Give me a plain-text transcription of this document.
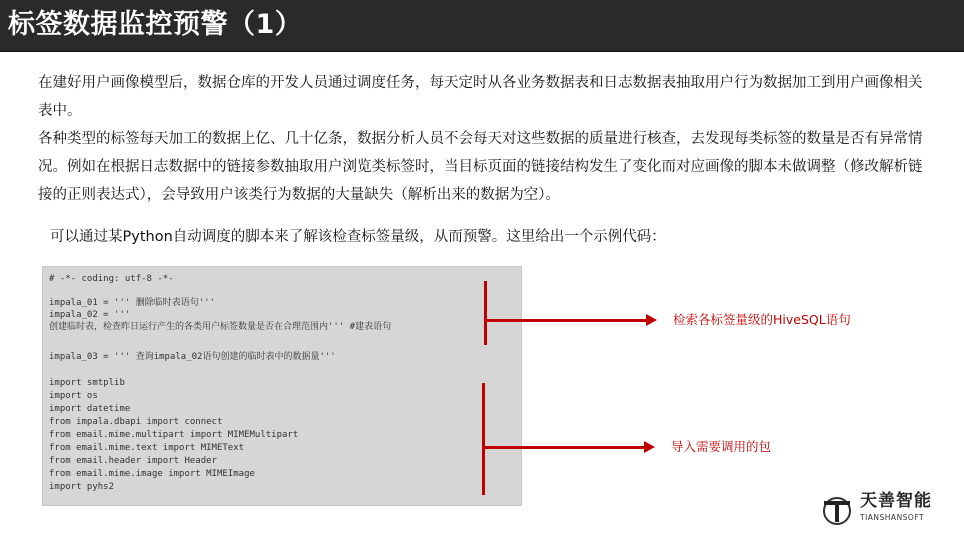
标签数据监控预警（1）

在建好用户画像模型后，数据仓库的开发人员通过调度任务，每天定时从各业务数据表和日志数据表抽取用户行为数据加工到用户画像相关表中。

各种类型的标签每天加工的数据上亿、几十亿条，数据分析人员不会每天对这些数据的质量进行核查，去发现每类标签的数量是否有异常情况。例如在根据日志数据中的链接参数抽取用户浏览类标签时，当目标页面的链接结构发生了变化而对应画像的脚本未做调整（修改解析链接的正则表达式），会导致用户该类行为数据的大量缺失（解析出来的数据为空）。

可以通过某Python自动调度的脚本来了解该检查标签量级，从而预警。这里给出一个示例代码：
# -*- coding: utf-8 -*-
impala_01 = ''' 删除临时表语句'''
impala_02 = '''
创建临时表，检查昨日运行产生的各类用户标签数量是否在合理范围内''' #建表语句
impala_03 = ''' 查询impala_02语句创建的临时表中的数据量'''
import smtplib
import os
import datetime
from impala.dbapi import connect
from email.mime.multipart import MIMEMultipart
from email.mime.text import MIMEText
from email.header import Header
from email.mime.image import MIMEImage
import pyhs2
检索各标签量级的HiveSQL语句
导入需要调用的包
天善智能
TIANSHANSOFT
